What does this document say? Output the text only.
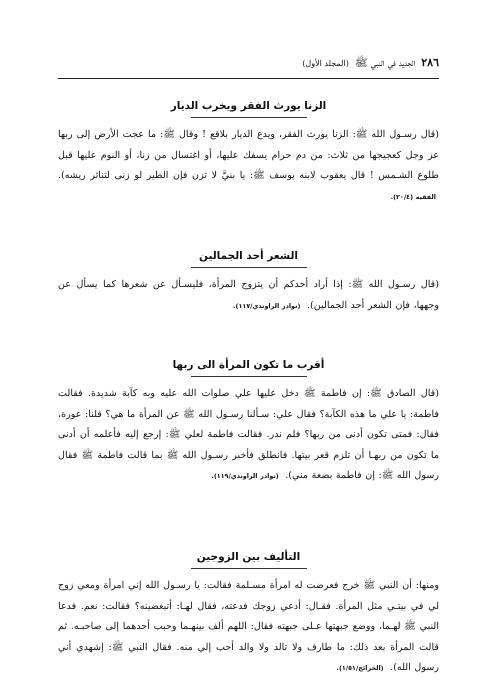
٢٨٦
الجديد في النبي ﷺ
(المجلد الأول)
الزنا يورث الفقر ويخرب الديار

(قال رسـول الله ﷺ: الزنا يورث الفقر، ويدع الديار بلاقع ! وقال ﷺ: ما عجت الأرض إلى ربها عز وجل كعجيجها من ثلاث: من دم حرام يسفك عليها، أو اغتسال من زنا، أو النوم عليها قبل طلوع الشـمس ! قال يعقوب لابنه يوسف ﷺ: يا بنيَّ لا تزن فإن الطير لو زنى لتناثر ريشه). الفقيه (٢٠/٤).

الشعر أحد الجمالين

(قال رسـول الله ﷺ: إذا أراد أحدكم أن يتزوج المرأة، فليسـأل عن شعرها كما يسأل عن وجهها، فإن الشعر أحد الجمالين). (نوادر الراوندي/١١٧).

أقرب ما تكون المرأة الى ربها

(قال الصادق ﷺ: إن فاطمة ﷺ دخل عليها علي صلوات الله عليه وبه كآبة شديدة. فقالت فاطمة: يا علي ما هذه الكآبة؟ فقال علي: سـألنا رسـول الله ﷺ عن المرأة ما هي؟ قلنا: عورة، فقال: فمتى تكون أدنى من ربها؟ فلم ندر. فقالت فاطمة لعلي ﷺ: إرجع إليه فأعلمه أن أدنى ما تكون من ربهـا أن تلزم قعر بيتها. فانطلق فأخبر رسـول الله ﷺ بما قالت فاطمة ﷺ فقال رسول الله ﷺ: إن فاطمة بضعة مني). (نوادر الراوندي/١١٩).

التأليف بين الزوجين

ومنها: أن النبي ﷺ خرج فعرضت له امرأة مسـلمة فقالت: يا رسـول الله إني امرأة ومعي زوج لي في بيتـي مثل المرأة. فقـال: أدعي زوجك فدعته، فقال لهـا: أتبغضينه؟ فقالت: نعم. فدعا النبي ﷺ لهـما، ووضع جبهتها عـلى جبهته فقال: اللهم ألف بينهـما وحبب أحدهما إلى صاحبـه. ثم قالت المرأة بعد ذلك: ما طارف ولا تالد ولا والد أحب إلي منه. فقال النبي ﷺ: إشهدي أني رسول الله). (الخرائج/١/٥١).
